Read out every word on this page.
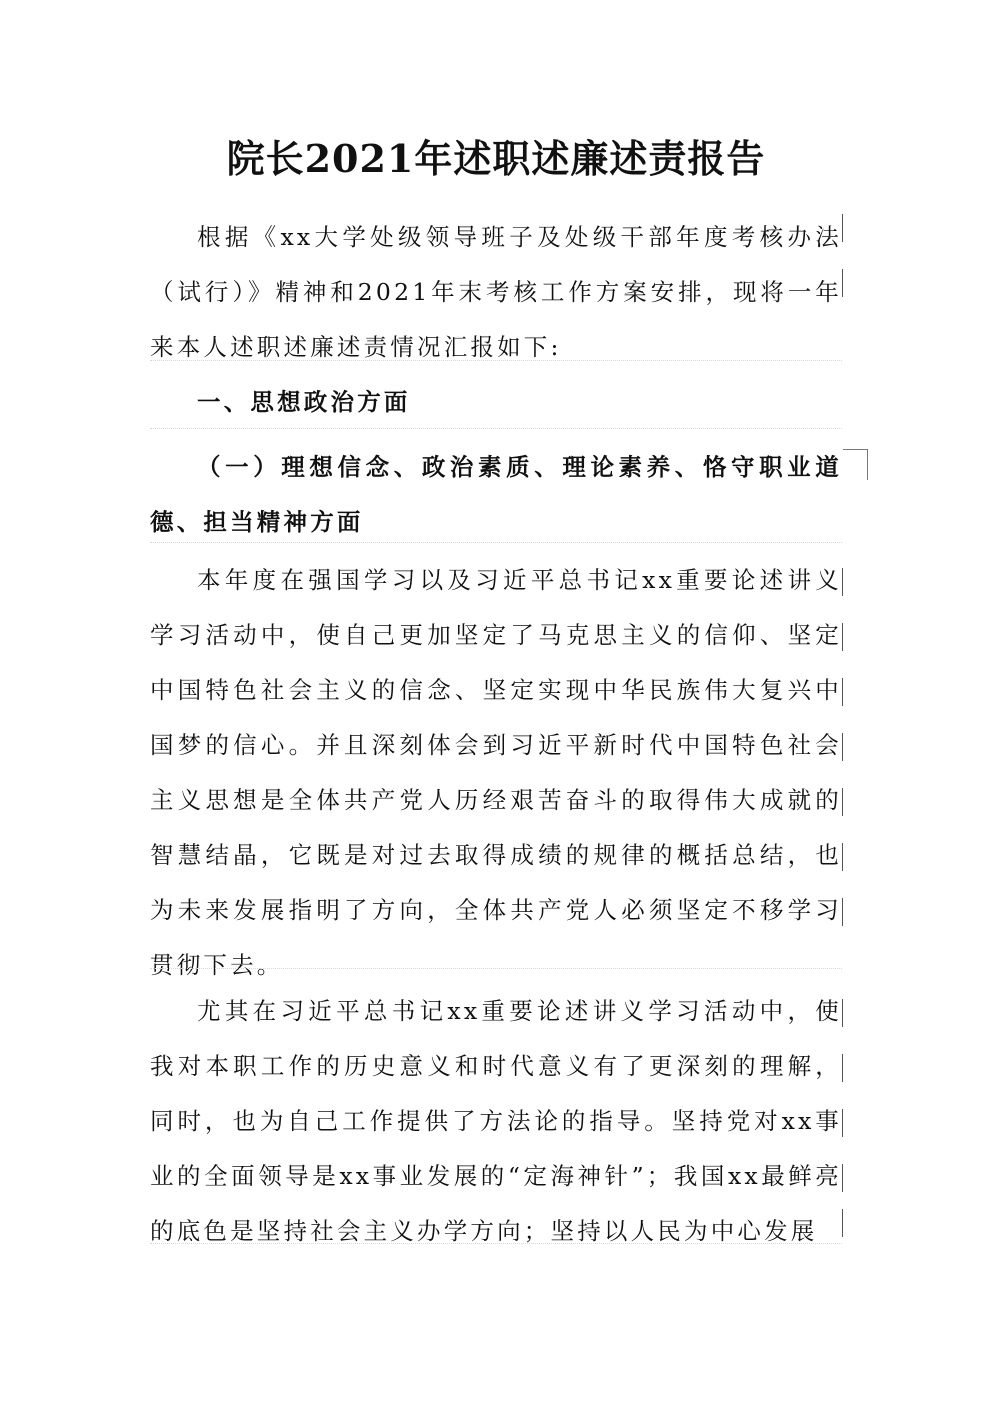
院长2021年述职述廉述责报告
根据《xx大学处级领导班子及处级干部年度考核办法（试行）》精神和2021年末考核工作方案安排，现将一年来本人述职述廉述责情况汇报如下:
一、思想政治方面
（一）理想信念、政治素质、理论素养、恪守职业道德、担当精神方面
本年度在强国学习以及习近平总书记xx重要论述讲义学习活动中，使自己更加坚定了马克思主义的信仰、坚定中国特色社会主义的信念、坚定实现中华民族伟大复兴中国梦的信心。并且深刻体会到习近平新时代中国特色社会主义思想是全体共产党人历经艰苦奋斗的取得伟大成就的智慧结晶，它既是对过去取得成绩的规律的概括总结，也为未来发展指明了方向，全体共产党人必须坚定不移学习贯彻下去。
尤其在习近平总书记xx重要论述讲义学习活动中，使我对本职工作的历史意义和时代意义有了更深刻的理解，同时，也为自己工作提供了方法论的指导。坚持党对xx事业的全面领导是xx事业发展的“定海神针”；我国xx最鲜亮的底色是坚持社会主义办学方向；坚持以人民为中心发展
